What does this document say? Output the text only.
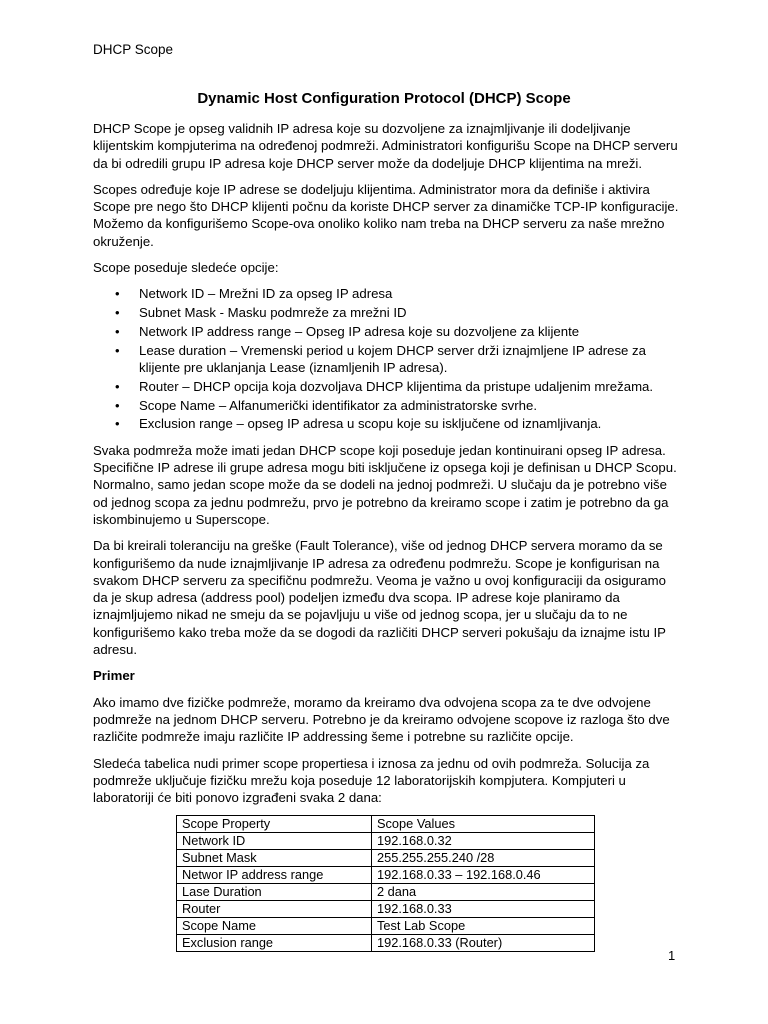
DHCP Scope
Dynamic Host Configuration Protocol (DHCP) Scope

DHCP Scope je opseg validnih IP adresa koje su dozvoljene za iznajmljivanje ili dodeljivanje klijentskim kompjuterima na određenoj podmreži. Administratori konfigurišu Scope na DHCP serveru da bi odredili grupu IP adresa koje DHCP server može da dodeljuje DHCP klijentima na mreži.

Scopes određuje koje IP adrese se dodeljuju klijentima. Administrator mora da definiše i aktivira Scope pre nego što DHCP klijenti počnu da koriste DHCP server za dinamičke TCP-IP konfiguracije. Možemo da konfigurišemo Scope-ova onoliko koliko nam treba na DHCP serveru za naše mrežno okruženje.

Scope poseduje sledeće opcije:

• Network ID – Mrežni ID za opseg IP adresa
• Subnet Mask - Masku podmreže za mrežni ID
• Network IP address range – Opseg IP adresa koje su dozvoljene za klijente
• Lease duration – Vremenski period u kojem DHCP server drži iznajmljene IP adrese za klijente pre uklanjanja Lease (iznamljenih IP adresa).
• Router – DHCP opcija koja dozvoljava DHCP klijentima da pristupe udaljenim mrežama.
• Scope Name – Alfanumerički identifikator za administratorske svrhe.
• Exclusion range – opseg IP adresa u scopu koje su isključene od iznamljivanja.

Svaka podmreža može imati jedan DHCP scope koji poseduje jedan kontinuirani opseg IP adresa. Specifične IP adrese ili grupe adresa mogu biti isključene iz opsega koji je definisan u DHCP Scopu. Normalno, samo jedan scope može da se dodeli na jednoj podmreži. U slučaju da je potrebno više od jednog scopa za jednu podmrežu, prvo je potrebno da kreiramo scope i zatim je potrebno da ga iskombinujemo u Superscope.

Da bi kreirali toleranciju na greške (Fault Tolerance), više od jednog DHCP servera moramo da se konfigurišemo da nude iznajmljivanje IP adresa za određenu podmrežu. Scope je konfigurisan na svakom DHCP serveru za specifičnu podmrežu. Veoma je važno u ovoj konfiguraciji da osiguramo da je skup adresa (address pool) podeljen između dva scopa. IP adrese koje planiramo da iznajmljujemo nikad ne smeju da se pojavljuju u više od jednog scopa, jer u slučaju da to ne konfigurišemo kako treba može da se dogodi da različiti DHCP serveri pokušaju da iznajme istu IP adresu.

Primer

Ako imamo dve fizičke podmreže, moramo da kreiramo dva odvojena scopa za te dve odvojene podmreže na jednom DHCP serveru. Potrebno je da kreiramo odvojene scopove iz razloga što dve različite podmreže imaju različite IP addressing šeme i potrebne su različite opcije.

Sledeća tabelica nudi primer scope propertiesa i iznosa za jednu od ovih podmreža. Solucija za podmreže uključuje fizičku mrežu koja poseduje 12 laboratorijskih kompjutera. Kompjuteri u laboratoriji će biti ponovo izgrađeni svaka 2 dana:

Scope Property	Scope Values
Network ID	192.168.0.32
Subnet Mask	255.255.255.240 /28
Networ IP address range	192.168.0.33 – 192.168.0.46
Lase Duration	2 dana
Router	192.168.0.33
Scope Name	Test Lab Scope
Exclusion range	192.168.0.33 (Router)
1
